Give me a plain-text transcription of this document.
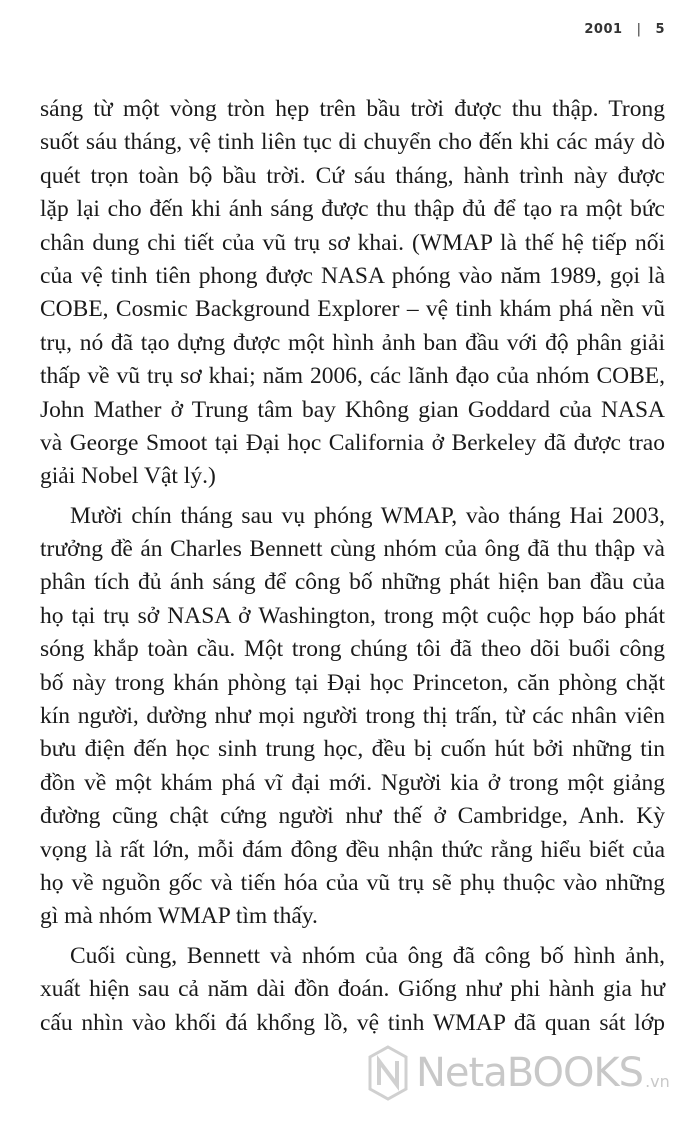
2001 | 5
sáng từ một vòng tròn hẹp trên bầu trời được thu thập. Trong
suốt sáu tháng, vệ tinh liên tục di chuyển cho đến khi các máy dò
quét trọn toàn bộ bầu trời. Cứ sáu tháng, hành trình này được
lặp lại cho đến khi ánh sáng được thu thập đủ để tạo ra một bức
chân dung chi tiết của vũ trụ sơ khai. (WMAP là thế hệ tiếp nối
của vệ tinh tiên phong được NASA phóng vào năm 1989, gọi là
COBE, Cosmic Background Explorer – vệ tinh khám phá nền vũ
trụ, nó đã tạo dựng được một hình ảnh ban đầu với độ phân giải
thấp về vũ trụ sơ khai; năm 2006, các lãnh đạo của nhóm COBE,
John Mather ở Trung tâm bay Không gian Goddard của NASA
và George Smoot tại Đại học California ở Berkeley đã được trao
giải Nobel Vật lý.)
Mười chín tháng sau vụ phóng WMAP, vào tháng Hai 2003,
trưởng đề án Charles Bennett cùng nhóm của ông đã thu thập và
phân tích đủ ánh sáng để công bố những phát hiện ban đầu của
họ tại trụ sở NASA ở Washington, trong một cuộc họp báo phát
sóng khắp toàn cầu. Một trong chúng tôi đã theo dõi buổi công
bố này trong khán phòng tại Đại học Princeton, căn phòng chặt
kín người, dường như mọi người trong thị trấn, từ các nhân viên
bưu điện đến học sinh trung học, đều bị cuốn hút bởi những tin
đồn về một khám phá vĩ đại mới. Người kia ở trong một giảng
đường cũng chật cứng người như thế ở Cambridge, Anh. Kỳ
vọng là rất lớn, mỗi đám đông đều nhận thức rằng hiểu biết của
họ về nguồn gốc và tiến hóa của vũ trụ sẽ phụ thuộc vào những
gì mà nhóm WMAP tìm thấy.
Cuối cùng, Bennett và nhóm của ông đã công bố hình ảnh,
xuất hiện sau cả năm dài đồn đoán. Giống như phi hành gia hư
cấu nhìn vào khối đá khổng lồ, vệ tinh WMAP đã quan sát lớp
NetaBOOKS .vn
